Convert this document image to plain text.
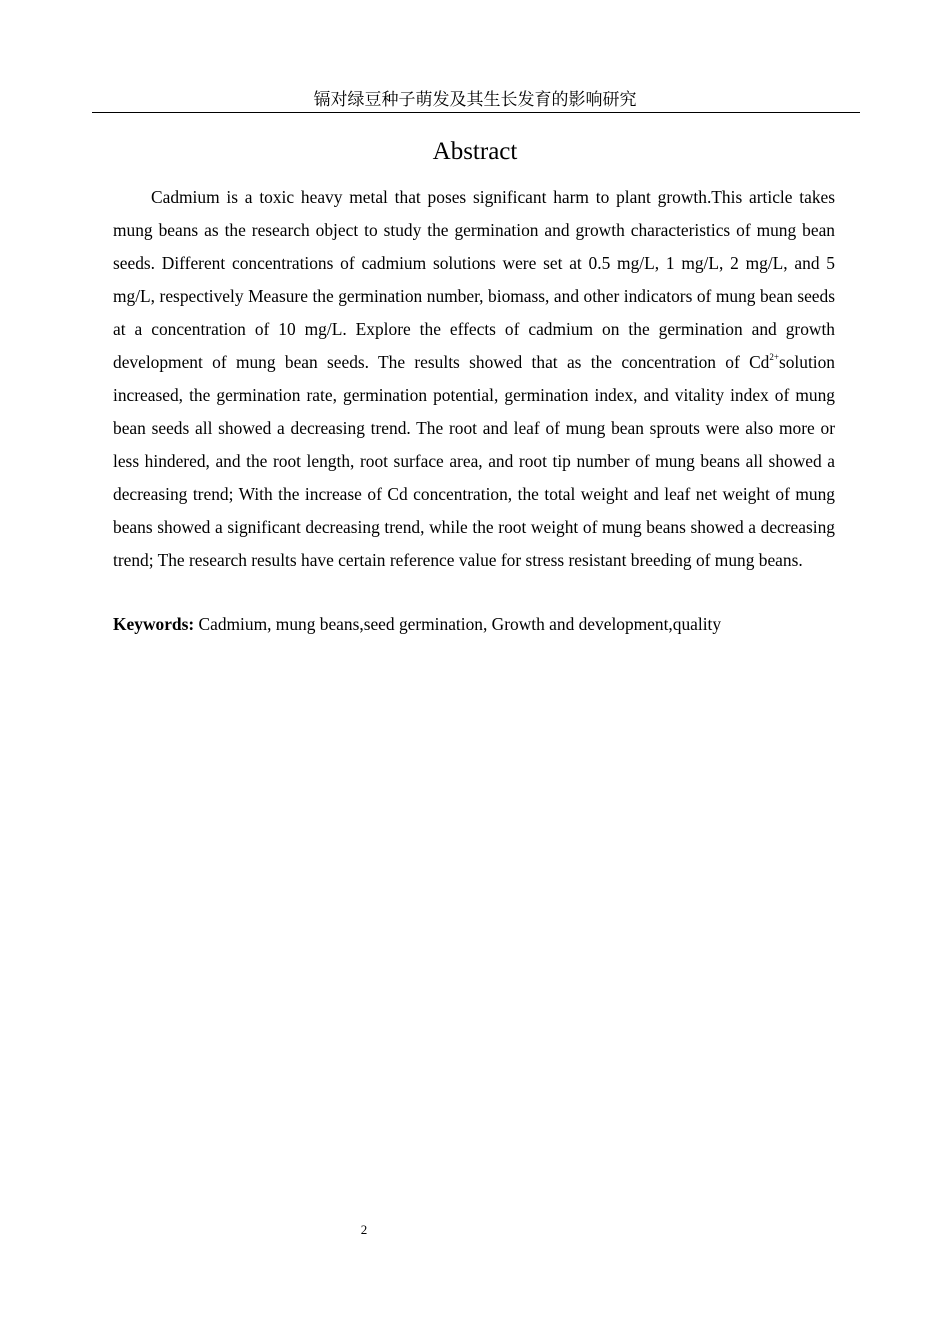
镉对绿豆种子萌发及其生长发育的影响研究
Abstract

Cadmium is a toxic heavy metal that poses significant harm to plant growth.This article takes mung beans as the research object to study the germination and growth characteristics of mung bean seeds. Different concentrations of cadmium solutions were set at 0.5 mg/L, 1 mg/L, 2 mg/L, and 5 mg/L, respectively Measure the germination number, biomass, and other indicators of mung bean seeds at a concentration of 10 mg/L. Explore the effects of cadmium on the germination and growth development of mung bean seeds. The results showed that as the concentration of $Cd^{2+}solution$ increased, the germination rate, germination potential, germination index, and vitality index of mung bean seeds all showed a decreasing trend. The root and leaf of mung bean sprouts were also more or less hindered, and the root length, root surface area, and root tip number of mung beans all showed a decreasing trend; With the increase of Cd concentration, the total weight and leaf net weight of mung beans showed a significant decreasing trend, while the root weight of mung beans showed a decreasing trend; The research results have certain reference value for stress resistant breeding of mung beans.

Keywords: Cadmium, mung beans,seed germination, Growth and development,quality

2
